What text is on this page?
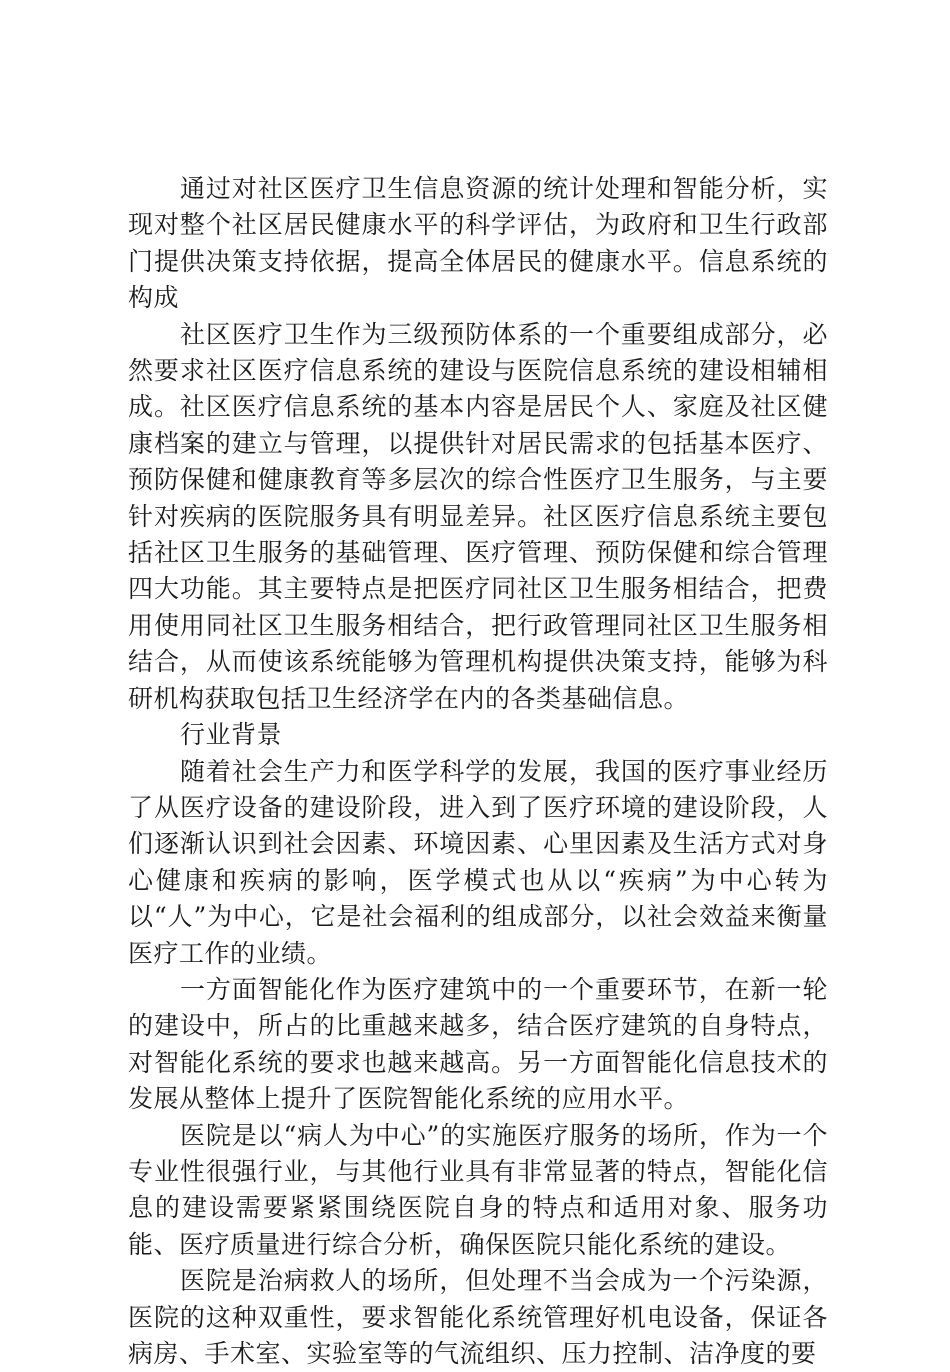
通过对社区医疗卫生信息资源的统计处理和智能分析，实现对整个社区居民健康水平的科学评估，为政府和卫生行政部门提供决策支持依据，提高全体居民的健康水平。信息系统的构成

社区医疗卫生作为三级预防体系的一个重要组成部分，必然要求社区医疗信息系统的建设与医院信息系统的建设相辅相成。社区医疗信息系统的基本内容是居民个人、家庭及社区健康档案的建立与管理，以提供针对居民需求的包括基本医疗、预防保健和健康教育等多层次的综合性医疗卫生服务，与主要针对疾病的医院服务具有明显差异。社区医疗信息系统主要包括社区卫生服务的基础管理、医疗管理、预防保健和综合管理四大功能。其主要特点是把医疗同社区卫生服务相结合，把费用使用同社区卫生服务相结合，把行政管理同社区卫生服务相结合，从而使该系统能够为管理机构提供决策支持，能够为科研机构获取包括卫生经济学在内的各类基础信息。

行业背景

随着社会生产力和医学科学的发展，我国的医疗事业经历了从医疗设备的建设阶段，进入到了医疗环境的建设阶段，人们逐渐认识到社会因素、环境因素、心里因素及生活方式对身心健康和疾病的影响，医学模式也从以“疾病”为中心转为以“人”为中心，它是社会福利的组成部分，以社会效益来衡量医疗工作的业绩。

一方面智能化作为医疗建筑中的一个重要环节，在新一轮的建设中，所占的比重越来越多，结合医疗建筑的自身特点，对智能化系统的要求也越来越高。另一方面智能化信息技术的发展从整体上提升了医院智能化系统的应用水平。

医院是以“病人为中心”的实施医疗服务的场所，作为一个专业性很强行业，与其他行业具有非常显著的特点，智能化信息的建设需要紧紧围绕医院自身的特点和适用对象、服务功能、医疗质量进行综合分析，确保医院只能化系统的建设。

医院是治病救人的场所，但处理不当会成为一个污染源，医院的这种双重性，要求智能化系统管理好机电设备，保证各病房、手术室、实验室等的气流组织、压力控制、洁净度的要
